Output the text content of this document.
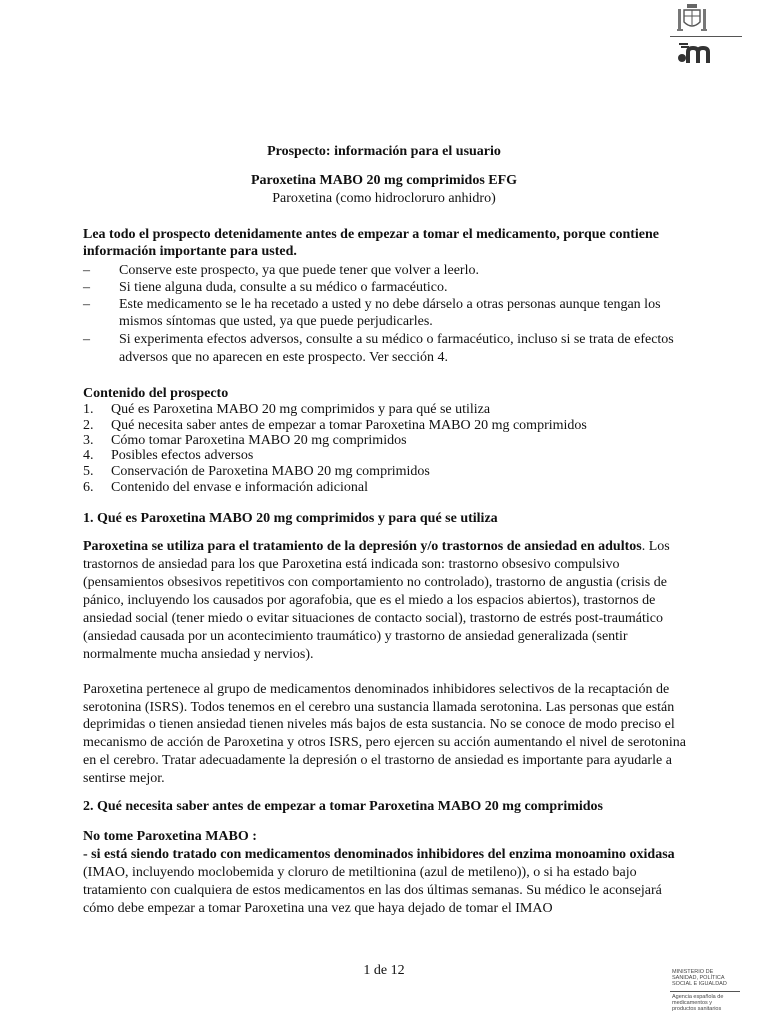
Prospecto: información para el usuario
Paroxetina MABO 20 mg comprimidos EFG
Paroxetina (como hidrocloruro anhidro)
Lea todo el prospecto detenidamente antes de empezar a tomar el medicamento, porque contiene
información importante para usted.
– Conserve este prospecto, ya que puede tener que volver a leerlo.
– Si tiene alguna duda, consulte a su médico o farmacéutico.
– Este medicamento se le ha recetado a usted y no debe dárselo a otras personas aunque tengan los
mismos síntomas que usted, ya que puede perjudicarles.
– Si experimenta efectos adversos, consulte a su médico o farmacéutico, incluso si se trata de efectos
adversos que no aparecen en este prospecto. Ver sección 4.
Contenido del prospecto
1. Qué es Paroxetina MABO 20 mg comprimidos y para qué se utiliza
2. Qué necesita saber antes de empezar a tomar Paroxetina MABO 20 mg comprimidos
3. Cómo tomar Paroxetina MABO 20 mg comprimidos
4. Posibles efectos adversos
5. Conservación de Paroxetina MABO 20 mg comprimidos
6. Contenido del envase e información adicional
1. Qué es Paroxetina MABO 20 mg comprimidos y para qué se utiliza
Paroxetina se utiliza para el tratamiento de la depresión y/o trastornos de ansiedad en adultos. Los
trastornos de ansiedad para los que Paroxetina está indicada son: trastorno obsesivo compulsivo
(pensamientos obsesivos repetitivos con comportamiento no controlado), trastorno de angustia (crisis de
pánico, incluyendo los causados por agorafobia, que es el miedo a los espacios abiertos), trastornos de
ansiedad social (tener miedo o evitar situaciones de contacto social), trastorno de estrés post-traumático
(ansiedad causada por un acontecimiento traumático) y trastorno de ansiedad generalizada (sentir
normalmente mucha ansiedad y nervios).
Paroxetina pertenece al grupo de medicamentos denominados inhibidores selectivos de la recaptación de
serotonina (ISRS). Todos tenemos en el cerebro una sustancia llamada serotonina. Las personas que están
deprimidas o tienen ansiedad tienen niveles más bajos de esta sustancia. No se conoce de modo preciso el
mecanismo de acción de Paroxetina y otros ISRS, pero ejercen su acción aumentando el nivel de serotonina
en el cerebro. Tratar adecuadamente la depresión o el trastorno de ansiedad es importante para ayudarle a
sentirse mejor.
2. Qué necesita saber antes de empezar a tomar Paroxetina MABO 20 mg comprimidos
No tome Paroxetina MABO :
- si está siendo tratado con medicamentos denominados inhibidores del enzima monoamino oxidasa
(IMAO, incluyendo moclobemida y cloruro de metiltionina (azul de metileno)), o si ha estado bajo
tratamiento con cualquiera de estos medicamentos en las dos últimas semanas. Su médico le aconsejará
cómo debe empezar a tomar Paroxetina una vez que haya dejado de tomar el IMAO
1 de 12	MINISTERIO DE
SANIDAD, POLÍTICA
SOCIAL E IGUALDAD
Agencia española de
medicamentos y
productos sanitarios
